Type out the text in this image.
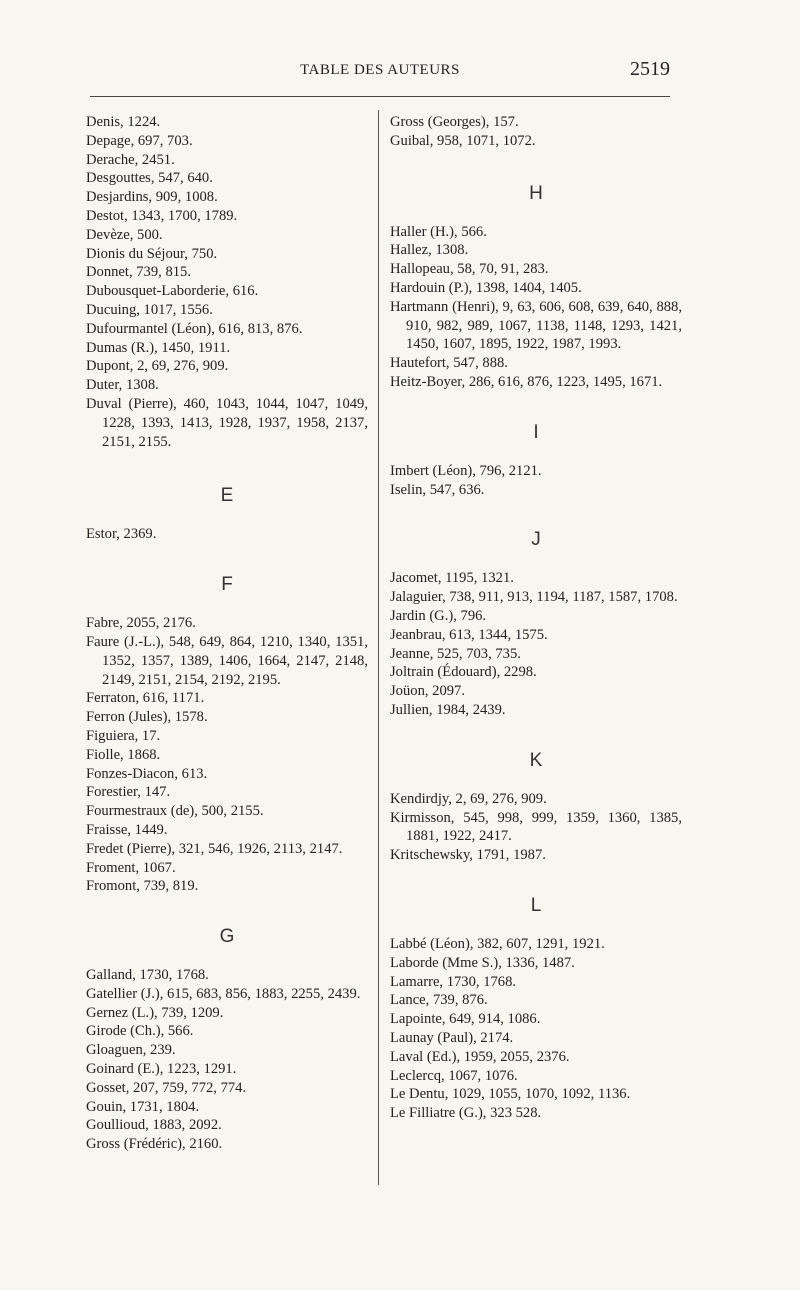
TABLE DES AUTEURS	2519
Denis, 1224.
Depage, 697, 703.
Derache, 2451.
Desgouttes, 547, 640.
Desjardins, 909, 1008.
Destot, 1343, 1700, 1789.
Devèze, 500.
Dionis du Séjour, 750.
Donnet, 739, 815.
Dubousquet-Laborderie, 616.
Ducuing, 1017, 1556.
Dufourmantel (Léon), 616, 813, 876.
Dumas (R.), 1450, 1911.
Dupont, 2, 69, 276, 909.
Duter, 1308.
Duval (Pierre), 460, 1043, 1044, 1047, 1049, 1228, 1393, 1413, 1928, 1937, 1958, 2137, 2151, 2155.
E
Estor, 2369.
F
Fabre, 2055, 2176.
Faure (J.-L.), 548, 649, 864, 1210, 1340, 1351, 1352, 1357, 1389, 1406, 1664, 2147, 2148, 2149, 2151, 2154, 2192, 2195.
Ferraton, 616, 1171.
Ferron (Jules), 1578.
Figuiera, 17.
Fiolle, 1868.
Fonzes-Diacon, 613.
Forestier, 147.
Fourmestraux (de), 500, 2155.
Fraisse, 1449.
Fredet (Pierre), 321, 546, 1926, 2113, 2147.
Froment, 1067.
Fromont, 739, 819.
G
Galland, 1730, 1768.
Gatellier (J.), 615, 683, 856, 1883, 2255, 2439.
Gernez (L.), 739, 1209.
Girode (Ch.), 566.
Gloaguen, 239.
Goinard (E.), 1223, 1291.
Gosset, 207, 759, 772, 774.
Gouin, 1731, 1804.
Goullioud, 1883, 2092.
Gross (Frédéric), 2160.
Gross (Georges), 157.
Guibal, 958, 1071, 1072.
H
Haller (H.), 566.
Hallez, 1308.
Hallopeau, 58, 70, 91, 283.
Hardouin (P.), 1398, 1404, 1405.
Hartmann (Henri), 9, 63, 606, 608, 639, 640, 888, 910, 982, 989, 1067, 1138, 1148, 1293, 1421, 1450, 1607, 1895, 1922, 1987, 1993.
Hautefort, 547, 888.
Heitz-Boyer, 286, 616, 876, 1223, 1495, 1671.
I
Imbert (Léon), 796, 2121.
Iselin, 547, 636.
J
Jacomet, 1195, 1321.
Jalaguier, 738, 911, 913, 1194, 1187, 1587, 1708.
Jardin (G.), 796.
Jeanbrau, 613, 1344, 1575.
Jeanne, 525, 703, 735.
Joltrain (Édouard), 2298.
Joüon, 2097.
Jullien, 1984, 2439.
K
Kendirdjy, 2, 69, 276, 909.
Kirmisson, 545, 998, 999, 1359, 1360, 1385, 1881, 1922, 2417.
Kritschewsky, 1791, 1987.
L
Labbé (Léon), 382, 607, 1291, 1921.
Laborde (Mme S.), 1336, 1487.
Lamarre, 1730, 1768.
Lance, 739, 876.
Lapointe, 649, 914, 1086.
Launay (Paul), 2174.
Laval (Ed.), 1959, 2055, 2376.
Leclercq, 1067, 1076.
Le Dentu, 1029, 1055, 1070, 1092, 1136.
Le Filliatre (G.), 323 528.
